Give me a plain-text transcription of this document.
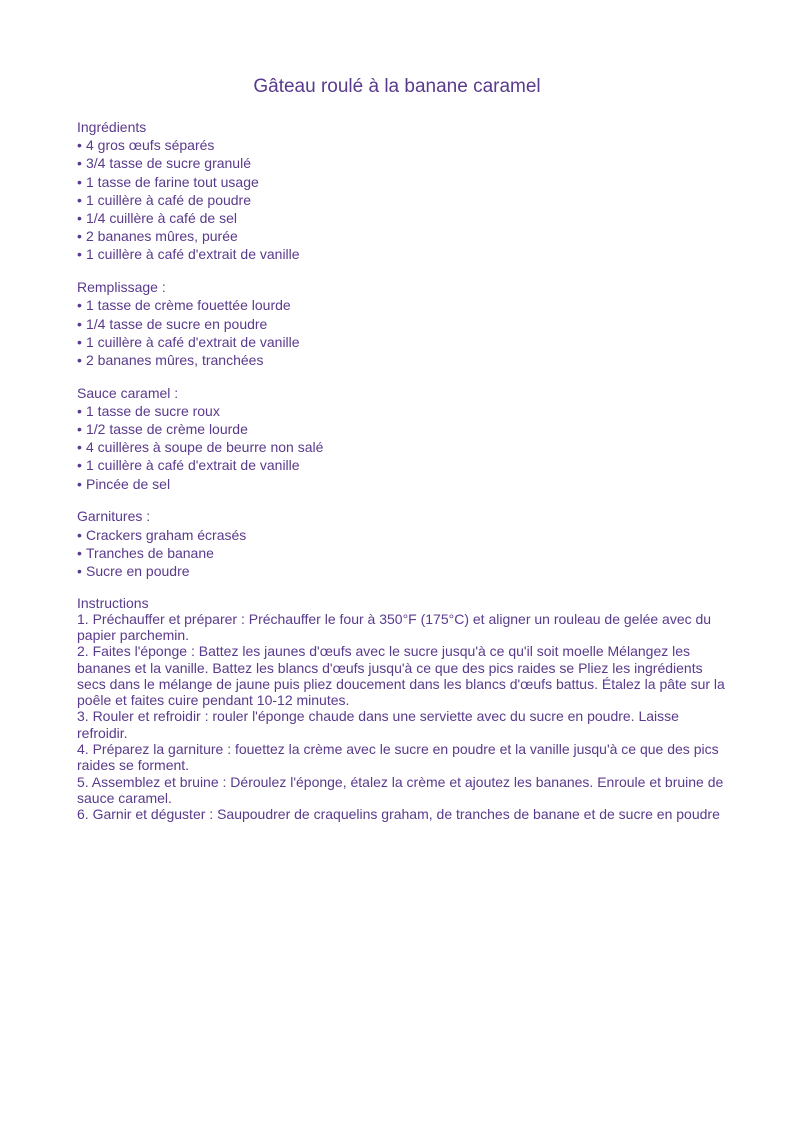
Gâteau roulé à la banane caramel

Ingrédients

• 4 gros œufs séparés
• 3/4 tasse de sucre granulé
• 1 tasse de farine tout usage
• 1 cuillère à café de poudre
• 1/4 cuillère à café de sel
• 2 bananes mûres, purée
• 1 cuillère à café d'extrait de vanille

Remplissage :

• 1 tasse de crème fouettée lourde
• 1/4 tasse de sucre en poudre
• 1 cuillère à café d'extrait de vanille
• 2 bananes mûres, tranchées

Sauce caramel :

• 1 tasse de sucre roux
• 1/2 tasse de crème lourde
• 4 cuillères à soupe de beurre non salé
• 1 cuillère à café d'extrait de vanille
• Pincée de sel

Garnitures :

• Crackers graham écrasés
• Tranches de banane
• Sucre en poudre

Instructions

1. Préchauffer et préparer : Préchauffer le four à 350°F (175°C) et aligner un rouleau de gelée avec du papier parchemin.
2. Faites l'éponge : Battez les jaunes d'œufs avec le sucre jusqu'à ce qu'il soit moelle Mélangez les bananes et la vanille. Battez les blancs d'œufs jusqu'à ce que des pics raides se Pliez les ingrédients secs dans le mélange de jaune puis pliez doucement dans les blancs d'œufs battus. Étalez la pâte sur la poêle et faites cuire pendant 10-12 minutes.
3. Rouler et refroidir : rouler l'éponge chaude dans une serviette avec du sucre en poudre. Laisse refroidir.
4. Préparez la garniture : fouettez la crème avec le sucre en poudre et la vanille jusqu'à ce que des pics raides se forment.
5. Assemblez et bruine : Déroulez l'éponge, étalez la crème et ajoutez les bananes. Enroule et bruine de sauce caramel.
6. Garnir et déguster : Saupoudrer de craquelins graham, de tranches de banane et de sucre en poudre
